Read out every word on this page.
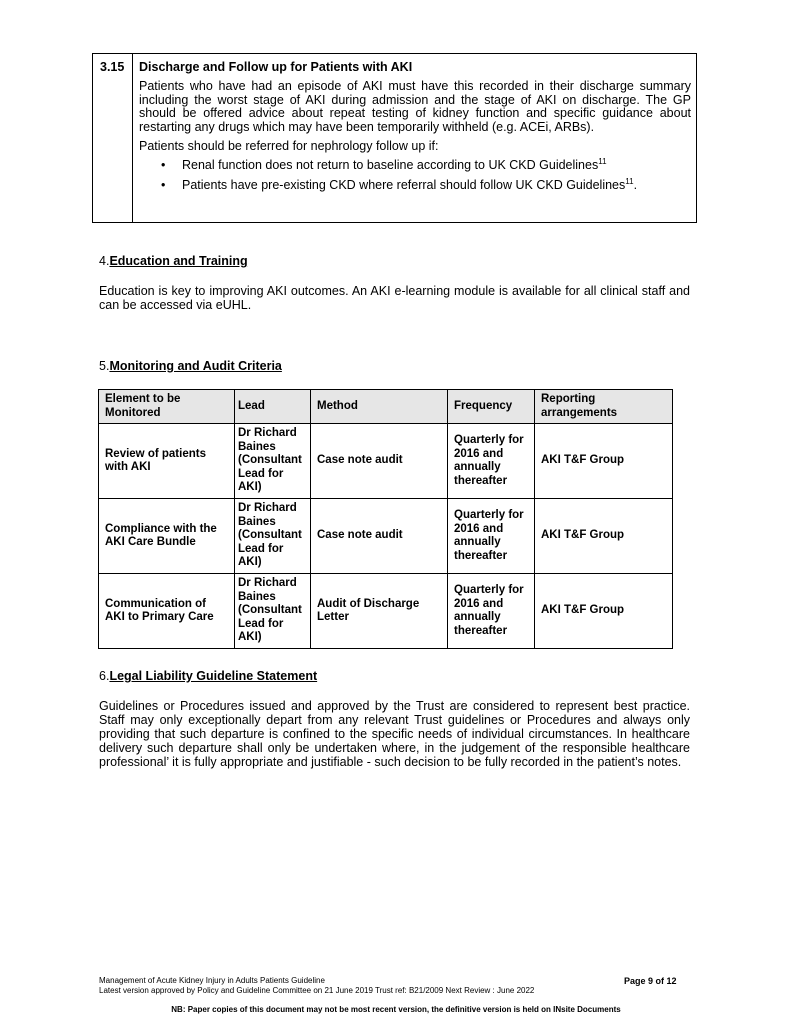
3.15 Discharge and Follow up for Patients with AKI

Patients who have had an episode of AKI must have this recorded in their discharge summary including the worst stage of AKI during admission and the stage of AKI on discharge. The GP should be offered advice about repeat testing of kidney function and specific guidance about restarting any drugs which may have been temporarily withheld (e.g. ACEi, ARBs).

Patients should be referred for nephrology follow up if:

• Renal function does not return to baseline according to UK CKD Guidelines$^{11}$
• Patients have pre-existing CKD where referral should follow UK CKD Guidelines$^{11}$.
4.Education and Training

Education is key to improving AKI outcomes. An AKI e-learning module is available for all clinical staff and can be accessed via eUHL.

5.Monitoring and Audit Criteria
Element to be Monitored	Lead	Method	Frequency	Reporting arrangements
Review of patients with AKI	Dr Richard Baines (Consultant Lead for AKI)	Case note audit	Quarterly for 2016 and annually thereafter	AKI T&F Group
Compliance with the AKI Care Bundle	Dr Richard Baines (Consultant Lead for AKI)	Case note audit	Quarterly for 2016 and annually thereafter	AKI T&F Group
Communication of AKI to Primary Care	Dr Richard Baines (Consultant Lead for AKI)	Audit of Discharge Letter	Quarterly for 2016 and annually thereafter	AKI T&F Group
6.Legal Liability Guideline Statement

Guidelines or Procedures issued and approved by the Trust are considered to represent best practice. Staff may only exceptionally depart from any relevant Trust guidelines or Procedures and always only providing that such departure is confined to the specific needs of individual circumstances. In healthcare delivery such departure shall only be undertaken where, in the judgement of the responsible healthcare professional’ it is fully appropriate and justifiable - such decision to be fully recorded in the patient’s notes.

Management of Acute Kidney Injury in Adults Patients Guideline
Latest version approved by Policy and Guideline Committee on 21 June 2019 Trust ref: B21/2009 Next Review : June 2022
Page 9 of 12
NB: Paper copies of this document may not be most recent version, the definitive version is held on INsite Documents
